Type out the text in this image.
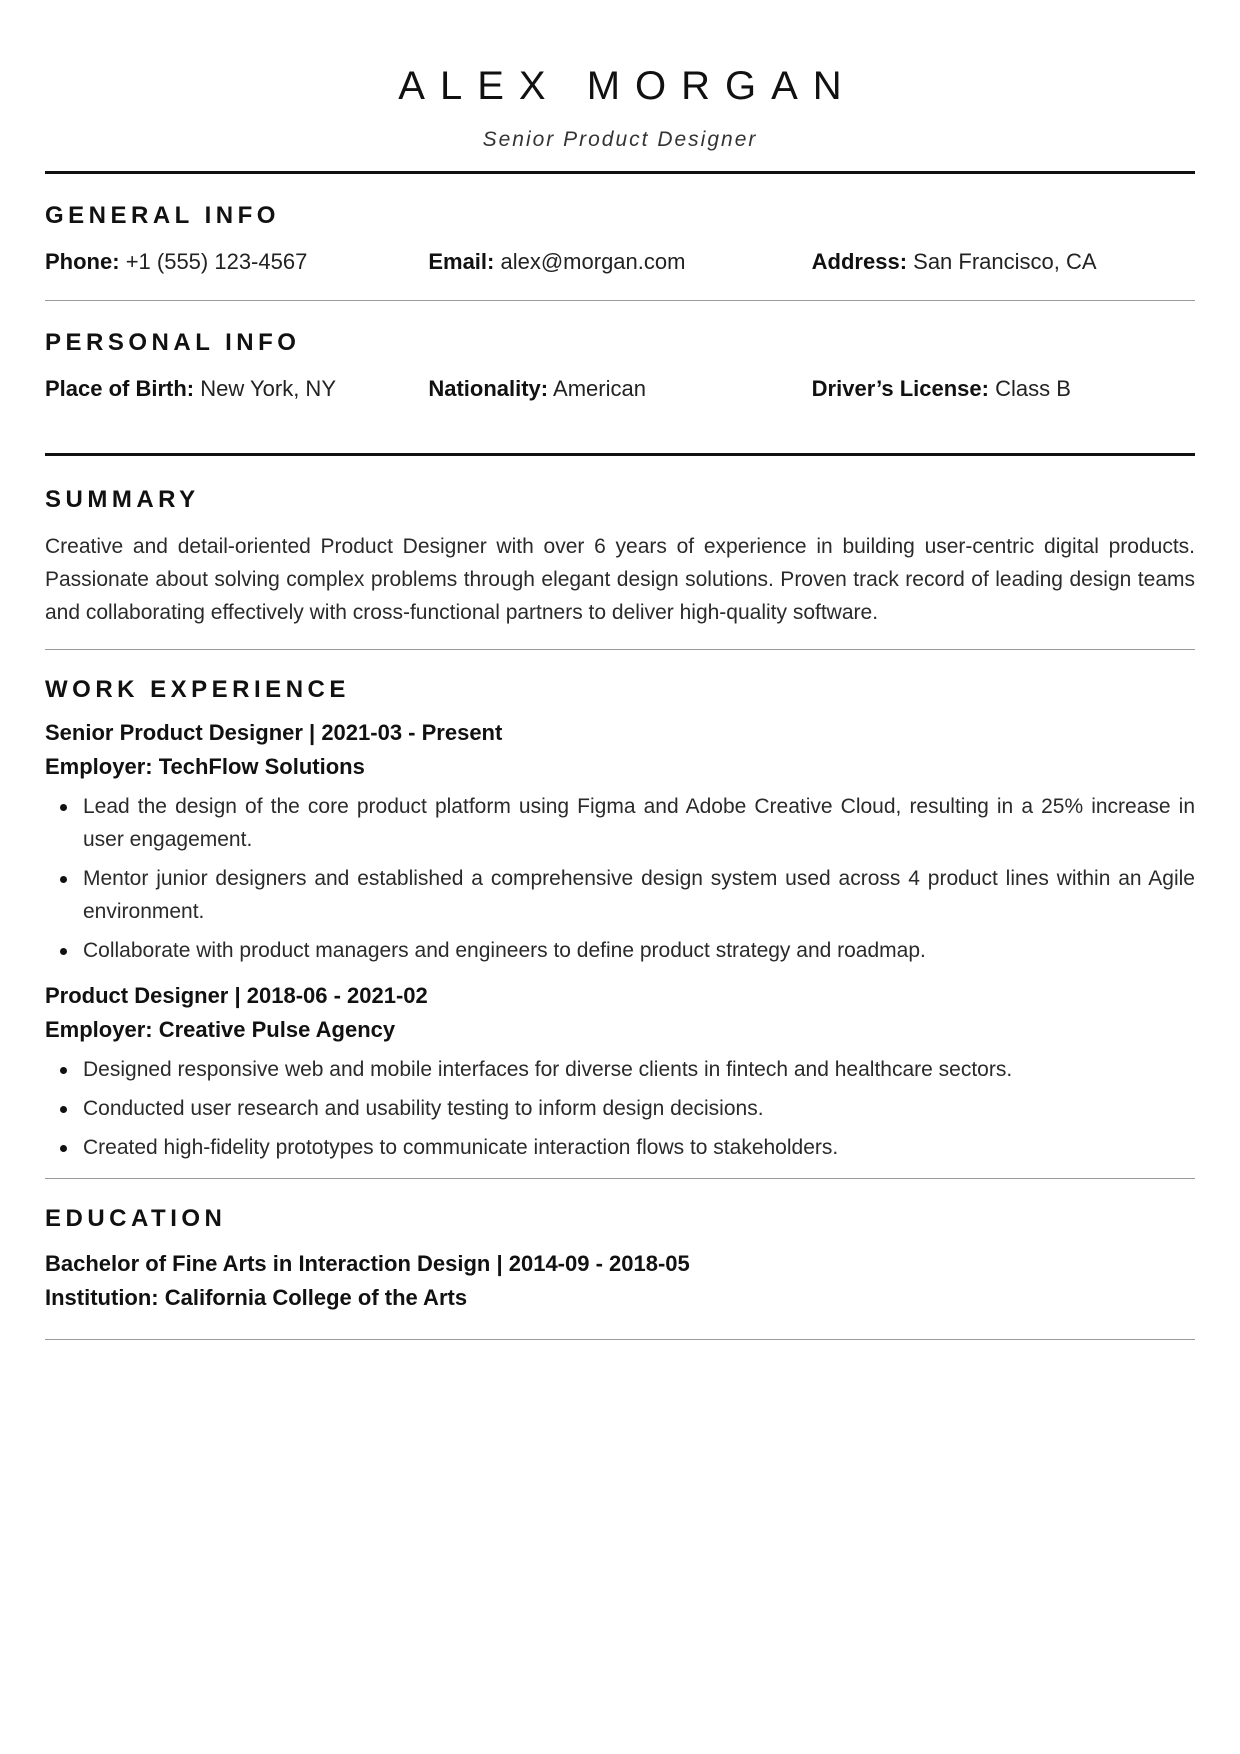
ALEX MORGAN
Senior Product Designer
GENERAL INFO
Phone: +1 (555) 123-4567	Email: alex@morgan.com	Address: San Francisco, CA
PERSONAL INFO
Place of Birth: New York, NY	Nationality: American	Driver’s License: Class B
SUMMARY

Creative and detail-oriented Product Designer with over 6 years of experience in building user-centric digital products. Passionate about solving complex problems through elegant design solutions. Proven track record of leading design teams and collaborating effectively with cross-functional partners to deliver high-quality software.

WORK EXPERIENCE
Senior Product Designer | 2021-03 - Present
Employer: TechFlow Solutions
Lead the design of the core product platform using Figma and Adobe Creative Cloud, resulting in a 25% increase in user engagement.
Mentor junior designers and established a comprehensive design system used across 4 product lines within an Agile environment.
Collaborate with product managers and engineers to define product strategy and roadmap.
Product Designer | 2018-06 - 2021-02
Employer: Creative Pulse Agency
Designed responsive web and mobile interfaces for diverse clients in fintech and healthcare sectors.
Conducted user research and usability testing to inform design decisions.
Created high-fidelity prototypes to communicate interaction flows to stakeholders.
EDUCATION
Bachelor of Fine Arts in Interaction Design | 2014-09 - 2018-05
Institution: California College of the Arts
